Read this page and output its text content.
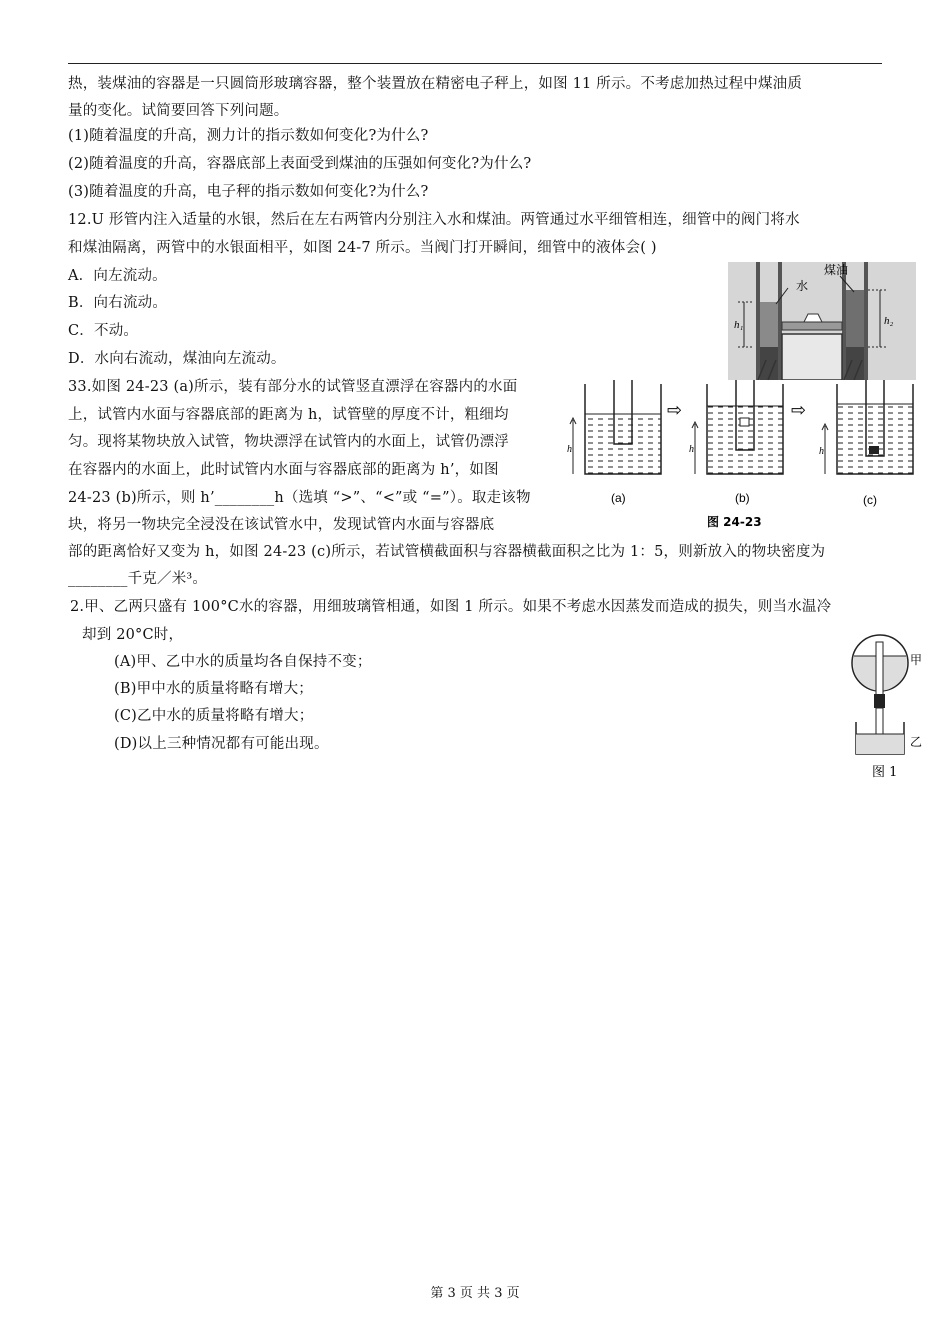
热，装煤油的容器是一只圆筒形玻璃容器，整个装置放在精密电子秤上，如图 11 所示。不考虑加热过程中煤油质
量的变化。试简要回答下列问题。
(1)随着温度的升高，测力计的指示数如何变化?为什么?
(2)随着温度的升高，容器底部上表面受到煤油的压强如何变化?为什么?
(3)随着温度的升高，电子秤的指示数如何变化?为什么?
12.U 形管内注入适量的水银，然后在左右两管内分别注入水和煤油。两管通过水平细管相连，细管中的阀门将水
和煤油隔离，两管中的水银面相平，如图 24-7 所示。当阀门打开瞬间，细管中的液体会( )
A．向左流动。
B．向右流动。
C．不动。
D．水向右流动，煤油向左流动。
33.如图 24-23 (a)所示，装有部分水的试管竖直漂浮在容器内的水面
上，试管内水面与容器底部的距离为 h，试管壁的厚度不计，粗细均
匀。现将某物块放入试管，物块漂浮在试管内的水面上，试管仍漂浮
在容器内的水面上，此时试管内水面与容器底部的距离为 h’，如图
24-23 (b)所示，则 h’________h（选填 “>”、“<”或 “=”）。取走该物
块，将另一物块完全浸没在该试管水中，发现试管内水面与容器底
部的距离恰好又变为 h，如图 24-23 (c)所示，若试管横截面积与容器横截面积之比为 1：5，则新放入的物块密度为
________千克／米³。
2.甲、乙两只盛有 100°C水的容器，用细玻璃管相通，如图 1 所示。如果不考虑水因蒸发而造成的损失，则当水温冷
却到 20°C时，
(A)甲、乙中水的质量均各自保持不变；
(B)甲中水的质量将略有增大；
(C)乙中水的质量将略有增大；
(D)以上三种情况都有可能出现。
h₁	h₂
水
煤油
h
(a)
⇨
h
(b)
⇨
h
(c)
图 24-23
甲
乙
图 1
第 3 页 共 3 页
